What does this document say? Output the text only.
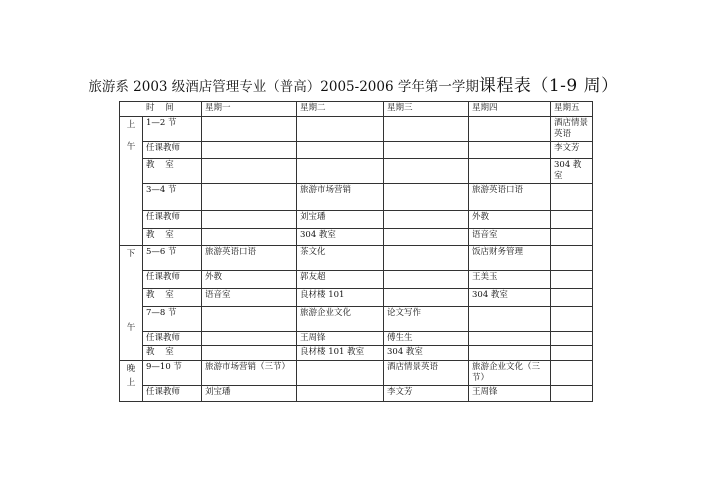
旅游系 2003 级酒店管理专业（普高）2005-2006 学年第一学期课程表（1-9 周）
时    间		星期一	星期二	星期三	星期四	星期五

上
午	1—2 节					酒店情景英语
	任课教师					李文芳
	教    室					304 教室
	3—4 节		旅游市场营销		旅游英语口语	
	任课教师		刘宝璠		外教	
	教    室		304 教室		语音室	

下
午	5—6 节	旅游英语口语	茶文化		饭店财务管理	
	任课教师	外教	郭友超		王美玉	
	教    室	语音室	良材楼 101		304 教室	
	7—8 节		旅游企业文化	论文写作		
	任课教师		王周锋	傅生生		
	教    室		良材楼 101 教室	304 教室		

晚
上	9—10 节	旅游市场营销（三节）		酒店情景英语	旅游企业文化（三节）	
	任课教师	刘宝璠		李文芳	王周锋	
